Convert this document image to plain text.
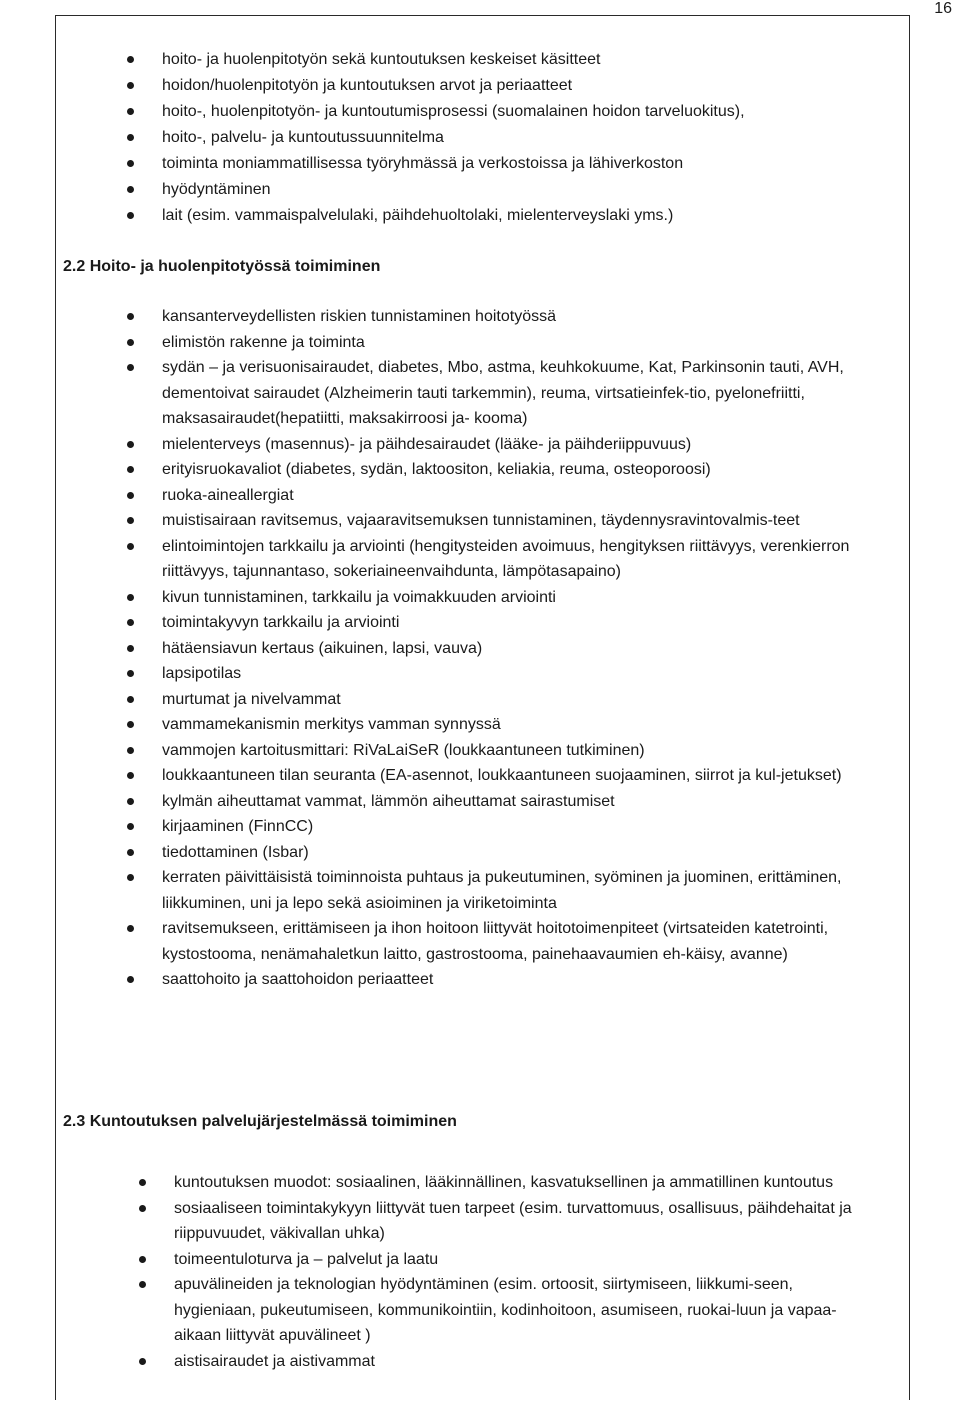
16
hoito- ja huolenpitotyön sekä kuntoutuksen keskeiset käsitteet
hoidon/huolenpitotyön ja kuntoutuksen arvot ja periaatteet
hoito-, huolenpitotyön- ja kuntoutumisprosessi (suomalainen hoidon tarveluokitus),
hoito-, palvelu- ja kuntoutussuunnitelma
toiminta moniammatillisessa työryhmässä ja verkostoissa ja lähiverkoston
hyödyntäminen
lait (esim. vammaispalvelulaki, päihdehuoltolaki, mielenterveyslaki yms.)
2.2 Hoito- ja huolenpitotyössä toimiminen
kansanterveydellisten riskien tunnistaminen hoitotyössä
elimistön rakenne ja toiminta
sydän – ja verisuonisairaudet, diabetes, Mbo, astma, keuhkokuume, Kat, Parkinsonin tauti, AVH, dementoivat sairaudet (Alzheimerin tauti tarkemmin), reuma, virtsatieinfek-tio, pyelonefriitti, maksasairaudet(hepatiitti, maksakirroosi ja- kooma)
mielenterveys (masennus)- ja päihdesairaudet (lääke- ja päihderiippuvuus)
erityisruokavaliot (diabetes, sydän, laktoositon, keliakia, reuma, osteoporoosi)
ruoka-aineallergiat
muistisairaan ravitsemus, vajaaravitsemuksen tunnistaminen, täydennysravintovalmis-teet
elintoimintojen tarkkailu ja arviointi (hengitysteiden avoimuus, hengityksen riittävyys, verenkierron riittävyys, tajunnantaso, sokeriaineenvaihdunta, lämpötasapaino)
kivun tunnistaminen, tarkkailu ja voimakkuuden arviointi
toimintakyvyn tarkkailu ja arviointi
hätäensiavun kertaus (aikuinen, lapsi, vauva)
lapsipotilas
murtumat ja nivelvammat
vammamekanismin merkitys vamman synnyssä
vammojen kartoitusmittari: RiVaLaiSeR (loukkaantuneen tutkiminen)
loukkaantuneen tilan seuranta (EA-asennot, loukkaantuneen suojaaminen, siirrot ja kul-jetukset)
kylmän aiheuttamat vammat, lämmön aiheuttamat sairastumiset
kirjaaminen (FinnCC)
tiedottaminen (Isbar)
kerraten päivittäisistä toiminnoista puhtaus ja pukeutuminen, syöminen ja juominen, erittäminen, liikkuminen, uni ja lepo sekä asioiminen ja viriketoiminta
ravitsemukseen, erittämiseen ja ihon hoitoon liittyvät hoitotoimenpiteet (virtsateiden katetrointi, kystostooma, nenämahaletkun laitto, gastrostooma, painehaavaumien eh-käisy, avanne)
saattohoito ja saattohoidon periaatteet
2.3 Kuntoutuksen palvelujärjestelmässä toimiminen
kuntoutuksen muodot: sosiaalinen, lääkinnällinen, kasvatuksellinen ja ammatillinen kuntoutus
sosiaaliseen toimintakykyyn liittyvät tuen tarpeet (esim. turvattomuus, osallisuus, päihdehaitat ja riippuvuudet, väkivallan uhka)
toimeentuloturva ja – palvelut ja laatu
apuvälineiden ja teknologian hyödyntäminen (esim. ortoosit, siirtymiseen, liikkumi-seen, hygieniaan, pukeutumiseen, kommunikointiin, kodinhoitoon, asumiseen, ruokai-luun ja vapaa-aikaan liittyvät apuvälineet )
aistisairaudet ja aistivammat
